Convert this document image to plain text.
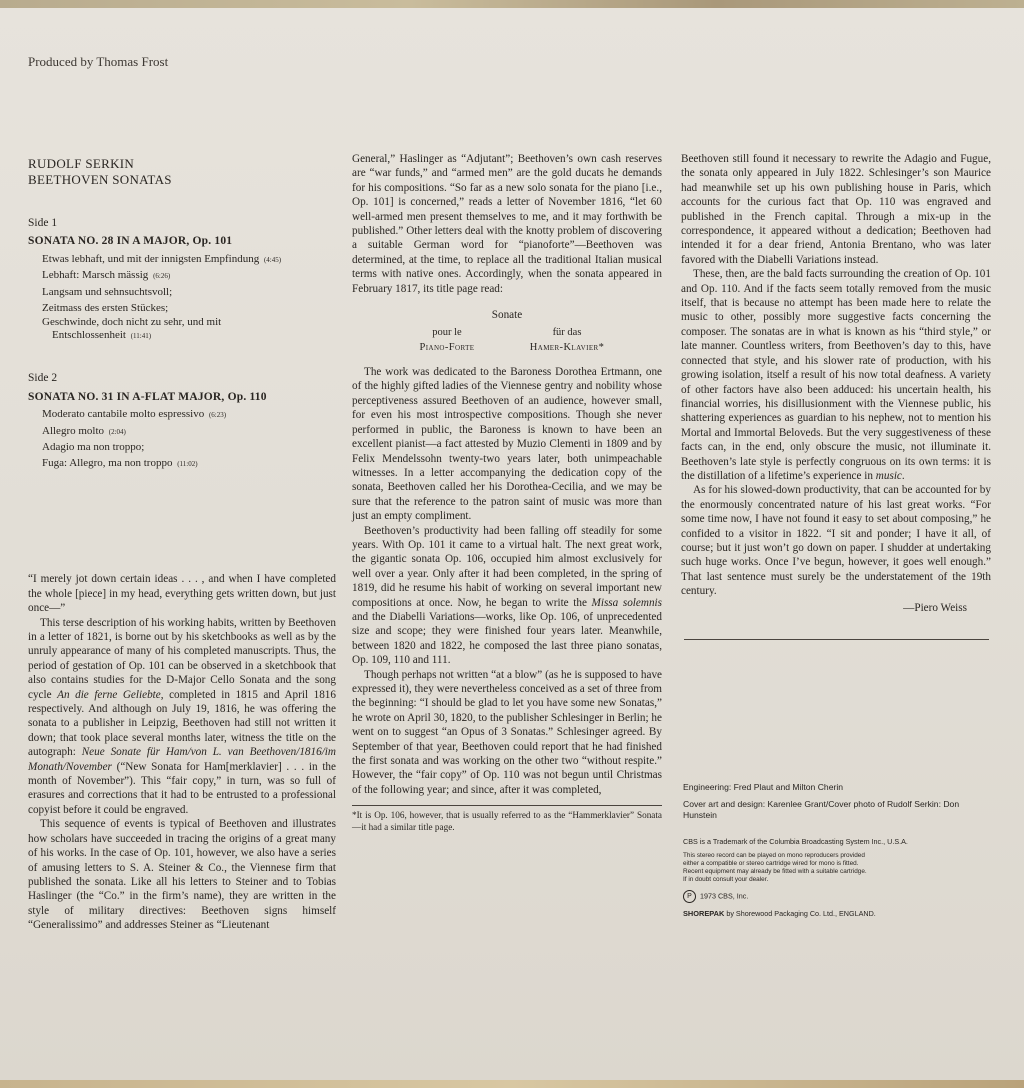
Produced by Thomas Frost
RUDOLF SERKIN
BEETHOVEN SONATAS
Side 1
SONATA NO. 28 IN A MAJOR, Op. 101
Etwas lebhaft, und mit der innigsten Empfindung (4:45)
Lebhaft: Marsch mässig (6:26)
Langsam und sehnsuchtsvoll;
Zeitmass des ersten Stückes;
Geschwinde, doch nicht zu sehr, und mit
Entschlossenheit (11:41)
Side 2
SONATA NO. 31 IN A-FLAT MAJOR, Op. 110
Moderato cantabile molto espressivo (6:23)
Allegro molto (2:04)
Adagio ma non troppo;
Fuga: Allegro, ma non troppo (11:02)

“I merely jot down certain ideas . . . , and when I have completed the whole [piece] in my head, everything gets written down, but just once—”

This terse description of his working habits, written by Beethoven in a letter of 1821, is borne out by his sketchbooks as well as by the unruly appearance of many of his completed manuscripts. Thus, the period of gestation of Op. 101 can be observed in a sketchbook that also contains studies for the D-Major Cello Sonata and the song cycle An die ferne Geliebte, completed in 1815 and April 1816 respectively. And although on July 19, 1816, he was offering the sonata to a publisher in Leipzig, Beethoven had still not written it down; that took place several months later, witness the title on the autograph: Neue Sonate für Ham/von L. van Beethoven/1816/im Monath/November (“New Sonata for Ham[merklavier] . . . in the month of November”). This “fair copy,” in turn, was so full of erasures and corrections that it had to be entrusted to a professional copyist before it could be engraved.

This sequence of events is typical of Beethoven and illustrates how scholars have succeeded in tracing the origins of a great many of his works. In the case of Op. 101, however, we also have a series of amusing letters to S. A. Steiner & Co., the Viennese firm that published the sonata. Like all his letters to Steiner and to Tobias Haslinger (the “Co.” in the firm’s name), they are written in the style of military directives: Beethoven signs himself “Generalissimo” and addresses Steiner as “Lieutenant

General,” Haslinger as “Adjutant”; Beethoven’s own cash reserves are “war funds,” and “armed men” are the gold ducats he demands for his compositions. “So far as a new solo sonata for the piano [i.e., Op. 101] is concerned,” reads a letter of November 1816, “let 60 well-armed men present themselves to me, and it may forthwith be published.” Other letters deal with the knotty problem of discovering a suitable German word for “pianoforte”—Beethoven was determined, at the time, to replace all the traditional Italian musical terms with native ones. Accordingly, when the sonata appeared in February 1817, its title page read:

Sonate
pour le	für das
Piano-Forte	Hamer-Klavier*

The work was dedicated to the Baroness Dorothea Ertmann, one of the highly gifted ladies of the Viennese gentry and nobility whose perceptiveness assured Beethoven of an audience, however small, for even his most introspective compositions. Though she never performed in public, the Baroness is known to have been an excellent pianist—a fact attested by Muzio Clementi in 1809 and by Felix Mendelssohn twenty-two years later, both unimpeachable witnesses. In a letter accompanying the dedication copy of the sonata, Beethoven called her his Dorothea-Cecilia, and we may be sure that the reference to the patron saint of music was more than just an empty compliment.

Beethoven’s productivity had been falling off steadily for some years. With Op. 101 it came to a virtual halt. The next great work, the gigantic sonata Op. 106, occupied him almost exclusively for well over a year. Only after it had been completed, in the spring of 1819, did he resume his habit of working on several important new compositions at once. Now, he began to write the Missa solemnis and the Diabelli Variations—works, like Op. 106, of unprecedented size and scope; they were finished four years later. Meanwhile, between 1820 and 1822, he composed the last three piano sonatas, Op. 109, 110 and 111.

Though perhaps not written “at a blow” (as he is supposed to have expressed it), they were nevertheless conceived as a set of three from the beginning: “I should be glad to let you have some new Sonatas,” he wrote on April 30, 1820, to the publisher Schlesinger in Berlin; he went on to suggest “an Opus of 3 Sonatas.” Schlesinger agreed. By September of that year, Beethoven could report that he had finished the first sonata and was working on the other two “without respite.” However, the “fair copy” of Op. 110 was not begun until Christmas of the following year; and since, after it was completed,

*It is Op. 106, however, that is usually referred to as the “Hammerklavier” Sonata—it had a similar title page.

Beethoven still found it necessary to rewrite the Adagio and Fugue, the sonata only appeared in July 1822. Schlesinger’s son Maurice had meanwhile set up his own publishing house in Paris, which accounts for the curious fact that Op. 110 was engraved and published in the French capital. Through a mix-up in the correspondence, it appeared without a dedication; Beethoven had intended it for a dear friend, Antonia Brentano, who was later favored with the Diabelli Variations instead.

These, then, are the bald facts surrounding the creation of Op. 101 and Op. 110. And if the facts seem totally removed from the music itself, that is because no attempt has been made here to relate the music to other, possibly more suggestive facts concerning the composer. The sonatas are in what is known as his “third style,” or late manner. Countless writers, from Beethoven’s day to this, have connected that style, and his slower rate of production, with his growing isolation, itself a result of his now total deafness. A variety of other factors have also been adduced: his uncertain health, his financial worries, his disillusionment with the Viennese public, his shattering experiences as guardian to his nephew, not to mention his Mortal and Immortal Beloveds. But the very suggestiveness of these facts can, in the end, only obscure the music, not illuminate it. Beethoven’s late style is perfectly congruous on its own terms: it is the distillation of a lifetime’s experience in music.

As for his slowed-down productivity, that can be accounted for by the enormously concentrated nature of his last great works. “For some time now, I have not found it easy to set about composing,” he confided to a visitor in 1822. “I sit and ponder; I have it all, of course; but it just won’t go down on paper. I shudder at undertaking such huge works. Once I’ve begun, however, it goes well enough.” That last sentence must surely be the understatement of the 19th century.

—Piero Weiss

Engineering: Fred Plaut and Milton Cherin

Cover art and design: Karenlee Grant/Cover photo of Rudolf Serkin: Don Hunstein

CBS is a Trademark of the Columbia Broadcasting System Inc., U.S.A.

This stereo record can be played on mono reproducers provided either a compatible or stereo cartridge wired for mono is fitted. Recent equipment may already be fitted with a suitable cartridge. If in doubt consult your dealer.

P 1973 CBS, Inc.

SHOREPAK by Shorewood Packaging Co. Ltd., ENGLAND.
